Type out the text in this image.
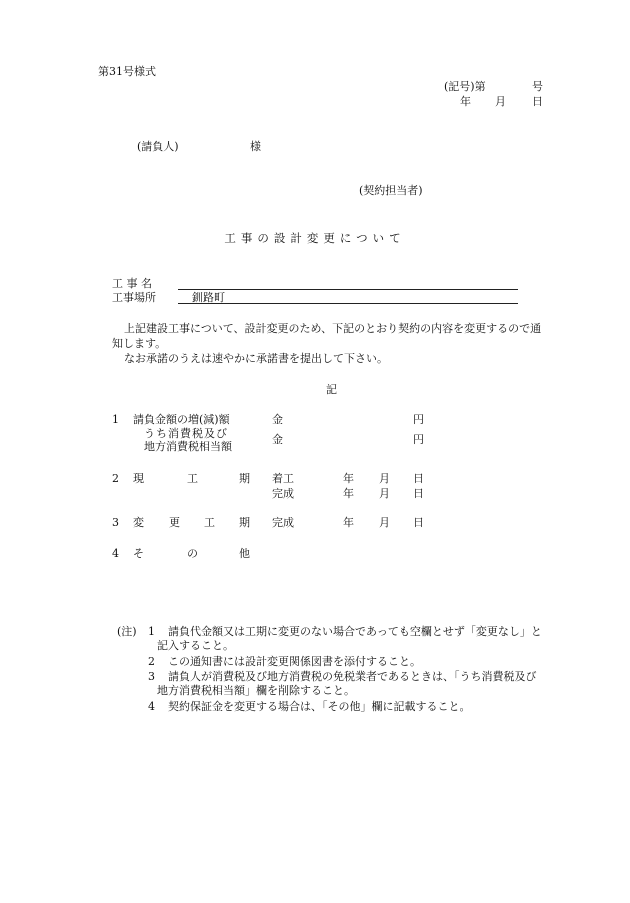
第31号様式
(記号)第	号
年 月 日
(請負人)	様
(契約担当者)
工事の設計変更について
工 事 名
工事場所	釧路町
上記建設工事について、設計変更のため、下記のとおり契約の内容を変更するので通
知します。
なお承諾のうえは速やかに承諾書を提出して下さい。
記
1 請負金額の増(減)額	金	円
うち消費税及び
地方消費税相当額
金	円
2 現	工	期 着工	年 月 日
完成	年 月 日
3 変 更 工 期 完成	年 月 日
4 そ	の	他
(注) 1 請負代金額又は工期に変更のない場合であっても空欄とせず「変更なし」と
記入すること。
2 この通知書には設計変更関係図書を添付すること。
3 請負人が消費税及び地方消費税の免税業者であるときは、「うち消費税及び
地方消費税相当額」欄を削除すること。
4 契約保証金を変更する場合は、「その他」欄に記載すること。
